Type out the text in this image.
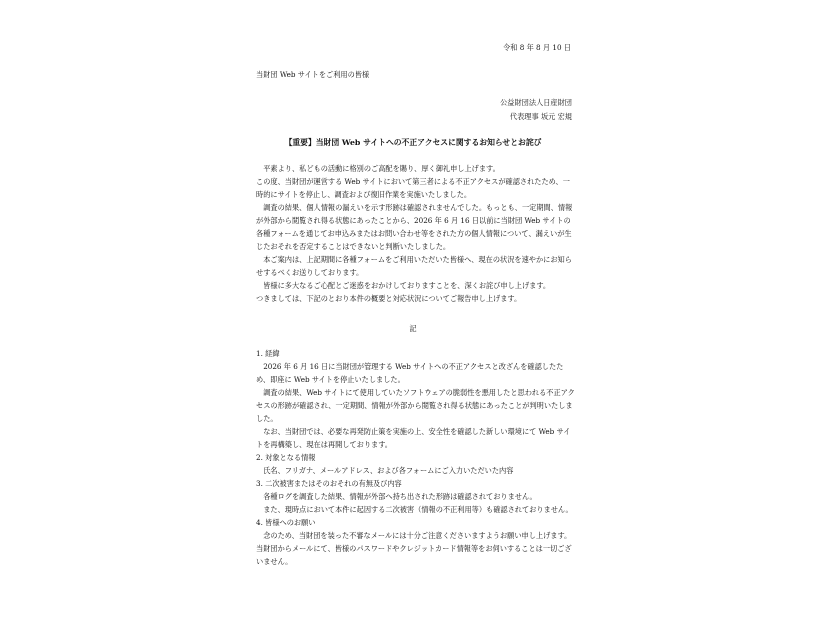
令和 8 年 8 月 10 日
当財団 Web サイトをご利用の皆様
公益財団法人日産財団
代表理事 坂元 宏規
【重要】当財団 Web サイトへの不正アクセスに関するお知らせとお詫び

　平素より、私どもの活動に格別のご高配を賜り、厚く御礼申し上げます。

この度、当財団が運営する Web サイトにおいて第三者による不正アクセスが確認されたため、一時的にサイトを停止し、調査および復旧作業を実施いたしました。

　調査の結果、個人情報の漏えいを示す形跡は確認されませんでした。もっとも、一定期間、情報が外部から閲覧され得る状態にあったことから、2026 年 6 月 16 日以前に当財団 Web サイトの各種フォームを通じてお申込みまたはお問い合わせ等をされた方の個人情報について、漏えいが生じたおそれを否定することはできないと判断いたしました。

　本ご案内は、上記期間に各種フォームをご利用いただいた皆様へ、現在の状況を速やかにお知らせするべくお送りしております。

　皆様に多大なるご心配とご迷惑をおかけしておりますことを、深くお詫び申し上げます。

つきましては、下記のとおり本件の概要と対応状況についてご報告申し上げます。

記

1. 経緯

　2026 年 6 月 16 日に当財団が管理する Web サイトへの不正アクセスと改ざんを確認したため、即座に Web サイトを停止いたしました。

　調査の結果、Web サイトにて使用していたソフトウェアの脆弱性を悪用したと思われる不正アクセスの形跡が確認され、一定期間、情報が外部から閲覧され得る状態にあったことが判明いたしました。

　なお、当財団では、必要な再発防止策を実施の上、安全性を確認した新しい環境にて Web サイトを再構築し、現在は再開しております。

2. 対象となる情報

　氏名、フリガナ、メールアドレス、および各フォームにご入力いただいた内容

3. 二次被害またはそのおそれの有無及び内容

　各種ログを調査した結果、情報が外部へ持ち出された形跡は確認されておりません。

　また、現時点において本件に起因する二次被害（情報の不正利用等）も確認されておりません。

4. 皆様へのお願い

　念のため、当財団を装った不審なメールには十分ご注意くださいますようお願い申し上げます。

当財団からメールにて、皆様のパスワードやクレジットカード情報等をお伺いすることは一切ございません。
